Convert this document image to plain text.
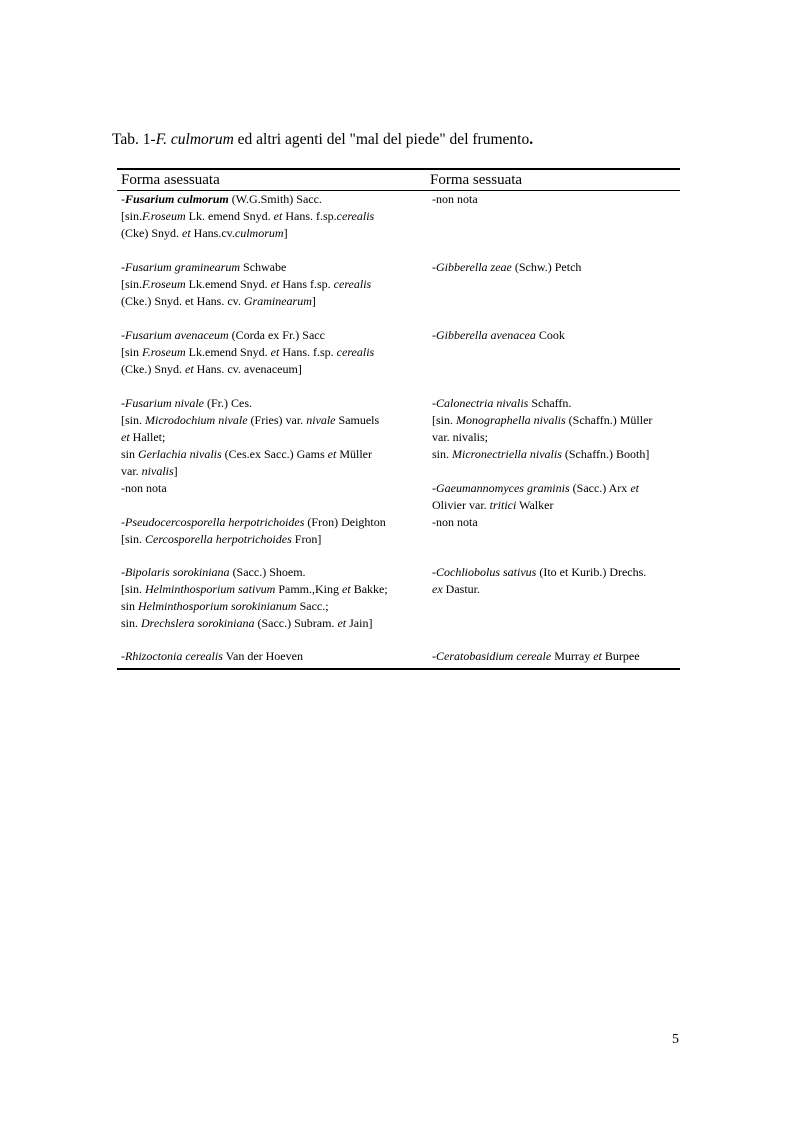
Tab. 1-F. culmorum ed altri agenti del "mal del piede" del frumento.
Forma asessuata	Forma sessuata
-Fusarium culmorum (W.G.Smith) Sacc.
[sin.F.roseum Lk. emend Snyd. et Hans. f.sp.cerealis
(Cke) Snyd. et Hans.cv.culmorum]	-non nota
-Fusarium graminearum Schwabe
[sin.F.roseum Lk.emend Snyd. et Hans f.sp. cerealis
(Cke.) Snyd. et Hans. cv. Graminearum]	-Gibberella zeae (Schw.) Petch
-Fusarium avenaceum (Corda ex Fr.) Sacc
[sin F.roseum Lk.emend Snyd. et Hans. f.sp. cerealis
(Cke.) Snyd. et Hans. cv. avenaceum]	-Gibberella avenacea Cook
-Fusarium nivale (Fr.) Ces.
[sin. Microdochium nivale (Fries) var. nivale Samuels
et Hallet;
sin Gerlachia nivalis (Ces.ex Sacc.) Gams et Müller
var. nivalis]	-Calonectria nivalis Schaffn.
[sin. Monographella nivalis (Schaffn.) Müller
var. nivalis;
sin. Micronectriella nivalis (Schaffn.) Booth]
-non nota	-Gaeumannomyces graminis (Sacc.) Arx et
Olivier var. tritici Walker
-Pseudocercosporella herpotrichoides (Fron) Deighton
[sin. Cercosporella herpotrichoides Fron]	-non nota
-Bipolaris sorokiniana (Sacc.) Shoem.
[sin. Helminthosporium sativum Pamm.,King et Bakke;
sin Helminthosporium sorokinianum Sacc.;
sin. Drechslera sorokiniana (Sacc.) Subram. et Jain]	-Cochliobolus sativus (Ito et Kurib.) Drechs.
ex Dastur.
-Rhizoctonia cerealis Van der Hoeven	-Ceratobasidium cereale Murray et Burpee
5
